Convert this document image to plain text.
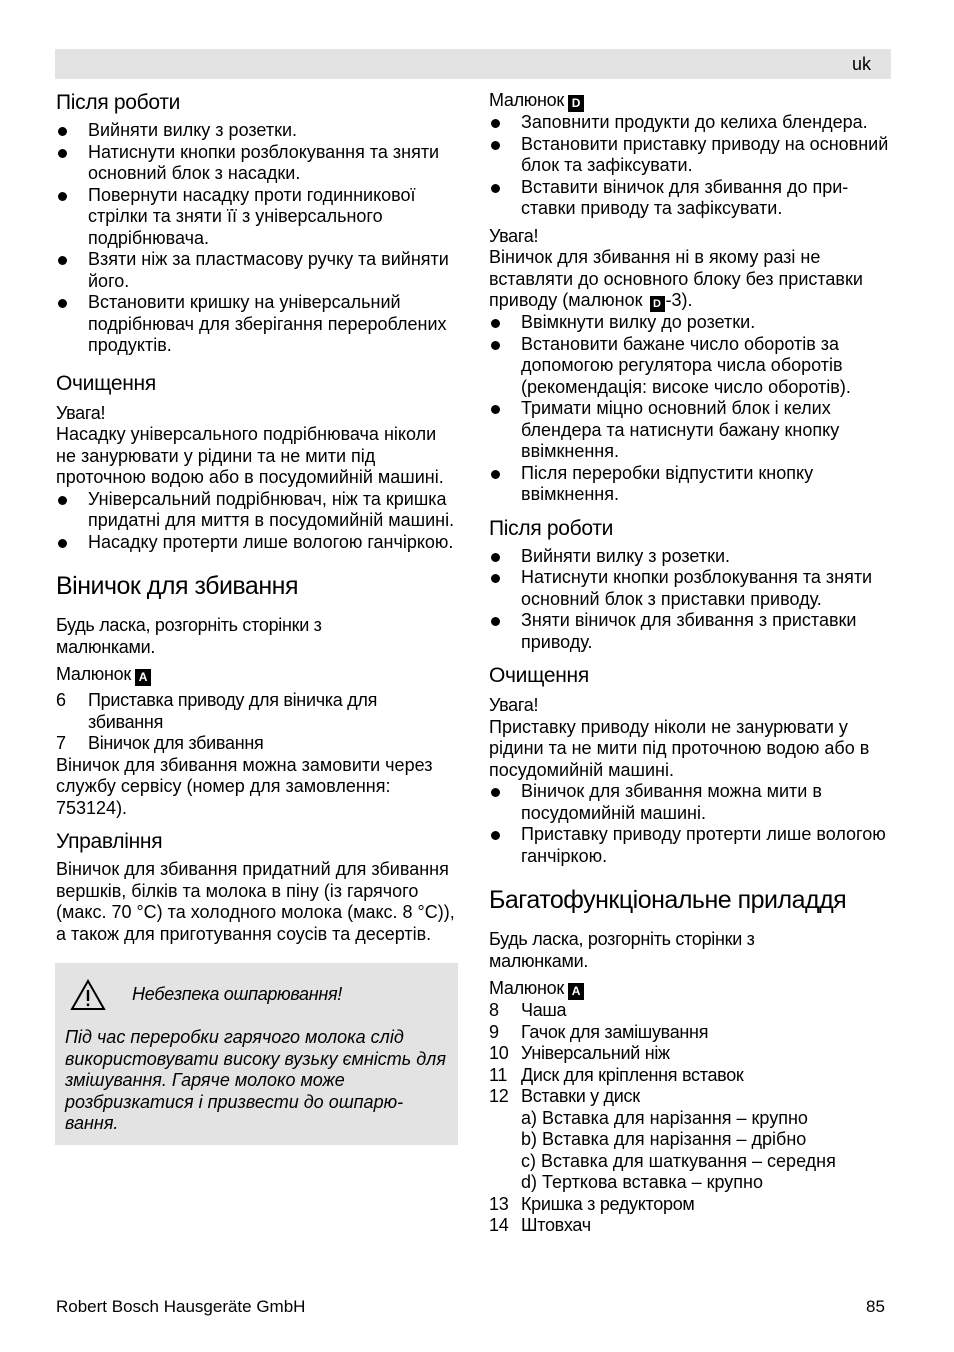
uk
Після роботи
Вийняти вилку з розетки.
Натиснути кнопки розблокування та зняти основний блок з насадки.
Повернути насадку проти годинникової стрілки та зняти її з універсального подрібнювача.
Взяти ніж за пластмасову ручку та вийняти його.
Встановити кришку на універсальний подрібнювач для зберігання перероблених продуктів.
Очищення

Увага!

Насадку універсального подрібнювача ніколи не занурювати у рідини та не мити під проточною водою або в посудомийній машині.

Універсальний подрібнювач, ніж та кришка придатні для миття в посудомийній машині.
Насадку протерти лише вологою ганчіркою.
Віничок для збивання

Будь ласка, розгорніть сторінки з малюнками.

Малюнок A

6 Приставка приводу для віничка для збивання
7 Віничок для збивання

Віничок для збивання можна замовити через службу сервісу (номер для замовлення: 753124).

Управління

Віничок для збивання придатний для збивання вершків, білків та молока в піну (із гарячого (макс. 70 °C) та холодного молока (макс. 8 °C)), а також для приготування соусів та десертів.

Небезпека ошпарювання!

Під час переробки гарячого молока слід використовувати високу вузьку ємність для змішування. Гаряче молоко може розбризкатися і призвести до ошпарювання.

Малюнок D

Заповнити продукти до келиха блендера.
Встановити приставку приводу на основний блок та зафіксувати.
Вставити віничок для збивання до приставки приводу та зафіксувати.

Увага!

Віничок для збивання ні в якому разі не вставляти до основного блоку без приставки приводу (малюнок D -3).

Ввімкнути вилку до розетки.
Встановити бажане число оборотів за допомогою регулятора числа оборотів (рекомендація: високе число оборотів).
Тримати міцно основний блок і келих блендера та натиснути бажану кнопку ввімкнення.
Після переробки відпустити кнопку ввімкнення.
Після роботи
Вийняти вилку з розетки.
Натиснути кнопки розблокування та зняти основний блок з приставки приводу.
Зняти віничок для збивання з приставки приводу.
Очищення

Увага!

Приставку приводу ніколи не занурювати у рідини та не мити під проточною водою або в посудомийній машині.

Віничок для збивання можна мити в посудомийній машині.
Приставку приводу протерти лише вологою ганчіркою.
Багатофункціональне приладдя

Будь ласка, розгорніть сторінки з малюнками.

Малюнок A

8 Чаша
9 Гачок для замішування
10 Універсальний ніж
11 Диск для кріплення вставок
12 Вставки у диск

a) Вставка для нарізання – крупно

b) Вставка для нарізання – дрібно

c) Вставка для шаткування – середня

d) Терткова вставка – крупно

13 Кришка з редуктором
14 Штовхач
Robert Bosch Hausgeräte GmbH	85
